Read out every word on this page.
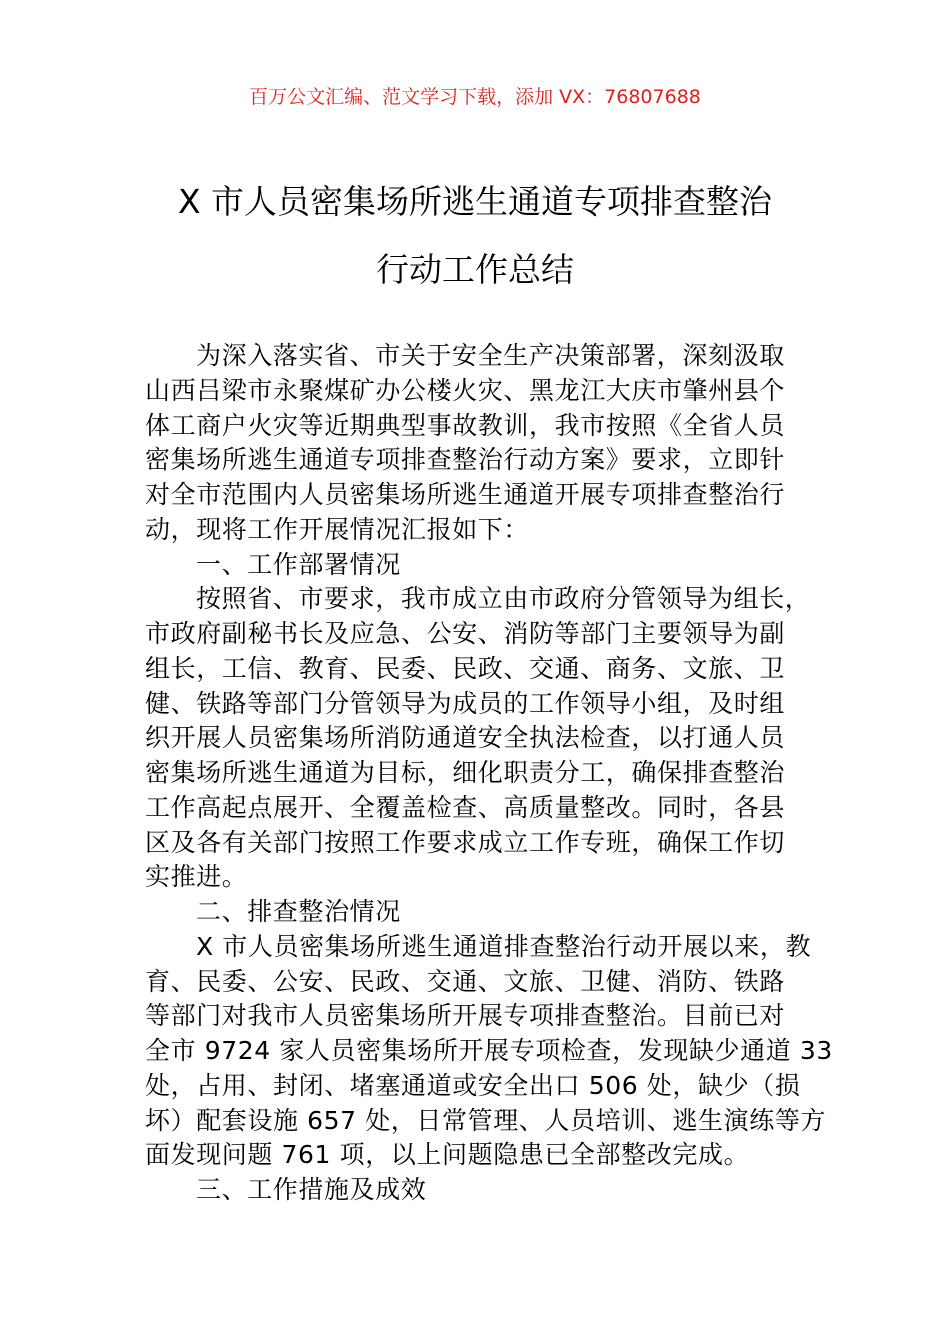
百万公文汇编、范文学习下载，添加 VX：76807688
X 市人员密集场所逃生通道专项排查整治
行动工作总结
为深入落实省、市关于安全生产决策部署，深刻汲取
山西吕梁市永聚煤矿办公楼火灾、黑龙江大庆市肇州县个
体工商户火灾等近期典型事故教训，我市按照《全省人员
密集场所逃生通道专项排查整治行动方案》要求，立即针
对全市范围内人员密集场所逃生通道开展专项排查整治行
动，现将工作开展情况汇报如下：
一、工作部署情况
按照省、市要求，我市成立由市政府分管领导为组长，
市政府副秘书长及应急、公安、消防等部门主要领导为副
组长，工信、教育、民委、民政、交通、商务、文旅、卫
健、铁路等部门分管领导为成员的工作领导小组，及时组
织开展人员密集场所消防通道安全执法检查，以打通人员
密集场所逃生通道为目标，细化职责分工，确保排查整治
工作高起点展开、全覆盖检查、高质量整改。同时，各县
区及各有关部门按照工作要求成立工作专班，确保工作切
实推进。
二、排查整治情况
X 市人员密集场所逃生通道排查整治行动开展以来，教
育、民委、公安、民政、交通、文旅、卫健、消防、铁路
等部门对我市人员密集场所开展专项排查整治。目前已对
全市 9724 家人员密集场所开展专项检查，发现缺少通道 33
处，占用、封闭、堵塞通道或安全出口 506 处，缺少（损
坏）配套设施 657 处，日常管理、人员培训、逃生演练等方
面发现问题 761 项，以上问题隐患已全部整改完成。
三、工作措施及成效
